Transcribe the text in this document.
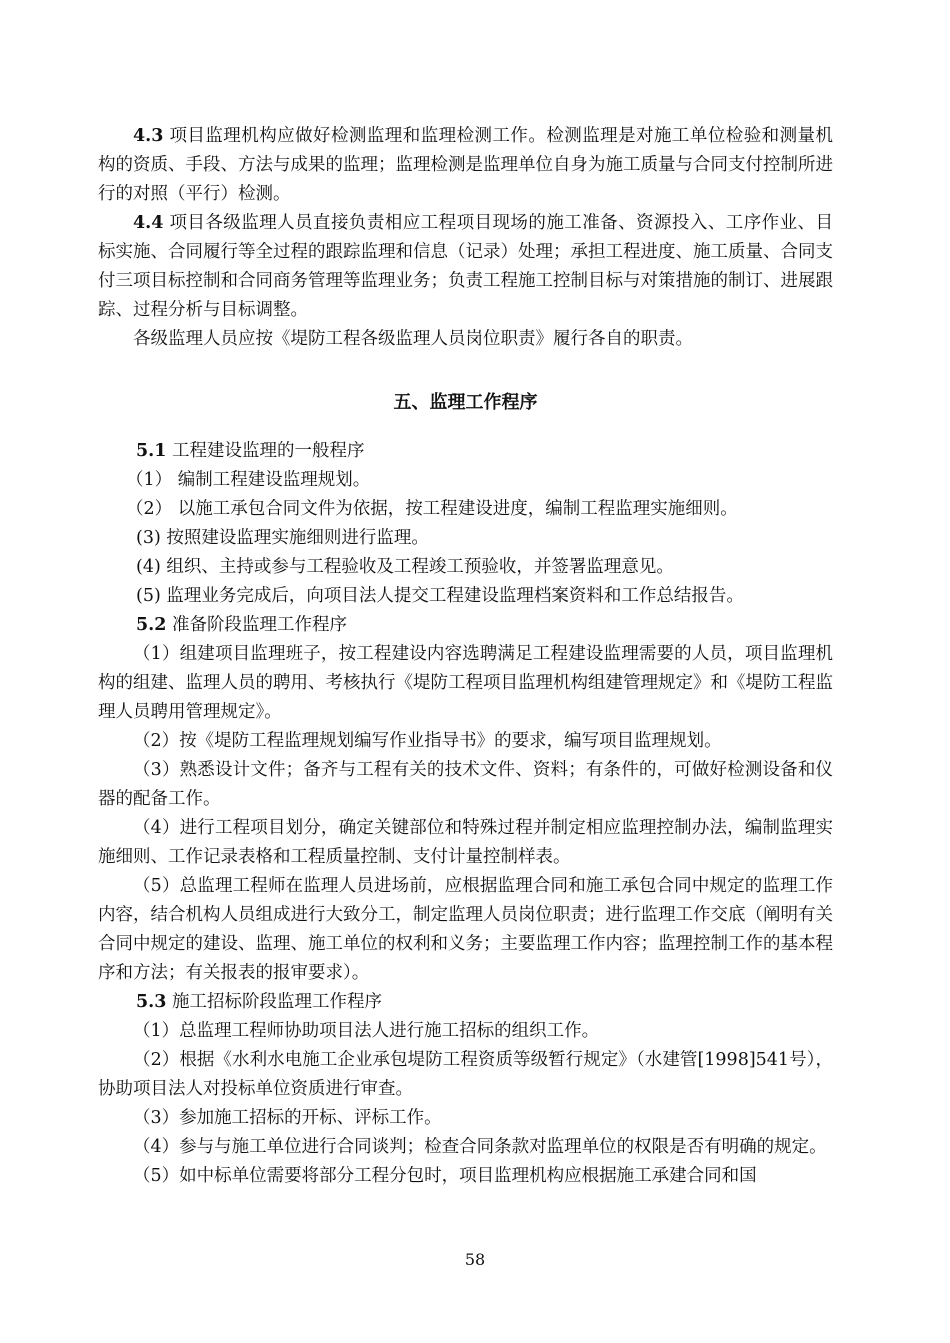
4.3 项目监理机构应做好检测监理和监理检测工作。检测监理是对施工单位检验和测量机构的资质、手段、方法与成果的监理；监理检测是监理单位自身为施工质量与合同支付控制所进行的对照（平行）检测。

4.4 项目各级监理人员直接负责相应工程项目现场的施工准备、资源投入、工序作业、目标实施、合同履行等全过程的跟踪监理和信息（记录）处理；承担工程进度、施工质量、合同支付三项目标控制和合同商务管理等监理业务；负责工程施工控制目标与对策措施的制订、进展跟踪、过程分析与目标调整。

各级监理人员应按《堤防工程各级监理人员岗位职责》履行各自的职责。

五、监理工作程序

5.1 工程建设监理的一般程序

（1） 编制工程建设监理规划。

（2） 以施工承包合同文件为依据，按工程建设进度，编制工程监理实施细则。

(3) 按照建设监理实施细则进行监理。

(4) 组织、主持或参与工程验收及工程竣工预验收，并签署监理意见。

(5) 监理业务完成后，向项目法人提交工程建设监理档案资料和工作总结报告。

5.2 准备阶段监理工作程序

（1）组建项目监理班子，按工程建设内容选聘满足工程建设监理需要的人员，项目监理机构的组建、监理人员的聘用、考核执行《堤防工程项目监理机构组建管理规定》和《堤防工程监理人员聘用管理规定》。

（2）按《堤防工程监理规划编写作业指导书》的要求，编写项目监理规划。

（3）熟悉设计文件；备齐与工程有关的技术文件、资料；有条件的，可做好检测设备和仪器的配备工作。

（4）进行工程项目划分，确定关键部位和特殊过程并制定相应监理控制办法，编制监理实施细则、工作记录表格和工程质量控制、支付计量控制样表。

（5）总监理工程师在监理人员进场前，应根据监理合同和施工承包合同中规定的监理工作内容，结合机构人员组成进行大致分工，制定监理人员岗位职责；进行监理工作交底（阐明有关合同中规定的建设、监理、施工单位的权利和义务；主要监理工作内容；监理控制工作的基本程序和方法；有关报表的报审要求）。

5.3 施工招标阶段监理工作程序

（1）总监理工程师协助项目法人进行施工招标的组织工作。

（2）根据《水利水电施工企业承包堤防工程资质等级暂行规定》（水建管[1998]541号），协助项目法人对投标单位资质进行审查。

（3）参加施工招标的开标、评标工作。

（4）参与与施工单位进行合同谈判；检查合同条款对监理单位的权限是否有明确的规定。

（5）如中标单位需要将部分工程分包时，项目监理机构应根据施工承建合同和国

58
